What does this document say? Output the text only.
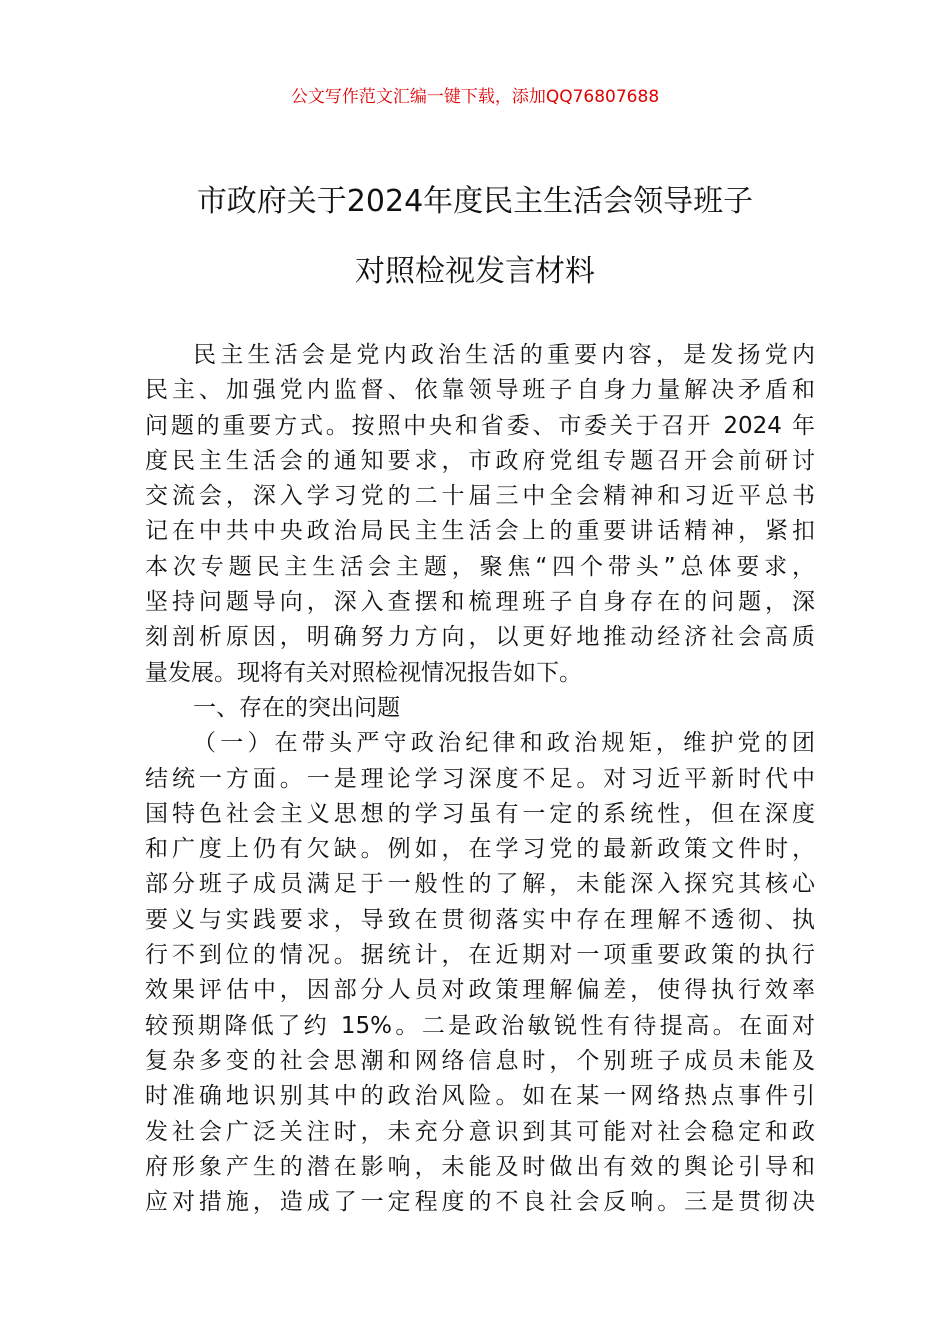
公文写作范文汇编一键下载，添加QQ76807688
市政府关于2024年度民主生活会领导班子
对照检视发言材料
民主生活会是党内政治生活的重要内容，是发扬党内
民主、加强党内监督、依靠领导班子自身力量解决矛盾和
问题的重要方式。按照中央和省委、市委关于召开 2024 年
度民主生活会的通知要求，市政府党组专题召开会前研讨
交流会，深入学习党的二十届三中全会精神和习近平总书
记在中共中央政治局民主生活会上的重要讲话精神，紧扣
本次专题民主生活会主题，聚焦“四个带头”总体要求，
坚持问题导向，深入查摆和梳理班子自身存在的问题，深
刻剖析原因，明确努力方向，以更好地推动经济社会高质
量发展。现将有关对照检视情况报告如下。
一、存在的突出问题
（一）在带头严守政治纪律和政治规矩，维护党的团
结统一方面。一是理论学习深度不足。对习近平新时代中
国特色社会主义思想的学习虽有一定的系统性，但在深度
和广度上仍有欠缺。例如，在学习党的最新政策文件时，
部分班子成员满足于一般性的了解，未能深入探究其核心
要义与实践要求，导致在贯彻落实中存在理解不透彻、执
行不到位的情况。据统计，在近期对一项重要政策的执行
效果评估中，因部分人员对政策理解偏差，使得执行效率
较预期降低了约 15%。二是政治敏锐性有待提高。在面对
复杂多变的社会思潮和网络信息时，个别班子成员未能及
时准确地识别其中的政治风险。如在某一网络热点事件引
发社会广泛关注时，未充分意识到其可能对社会稳定和政
府形象产生的潜在影响，未能及时做出有效的舆论引导和
应对措施，造成了一定程度的不良社会反响。三是贯彻决
